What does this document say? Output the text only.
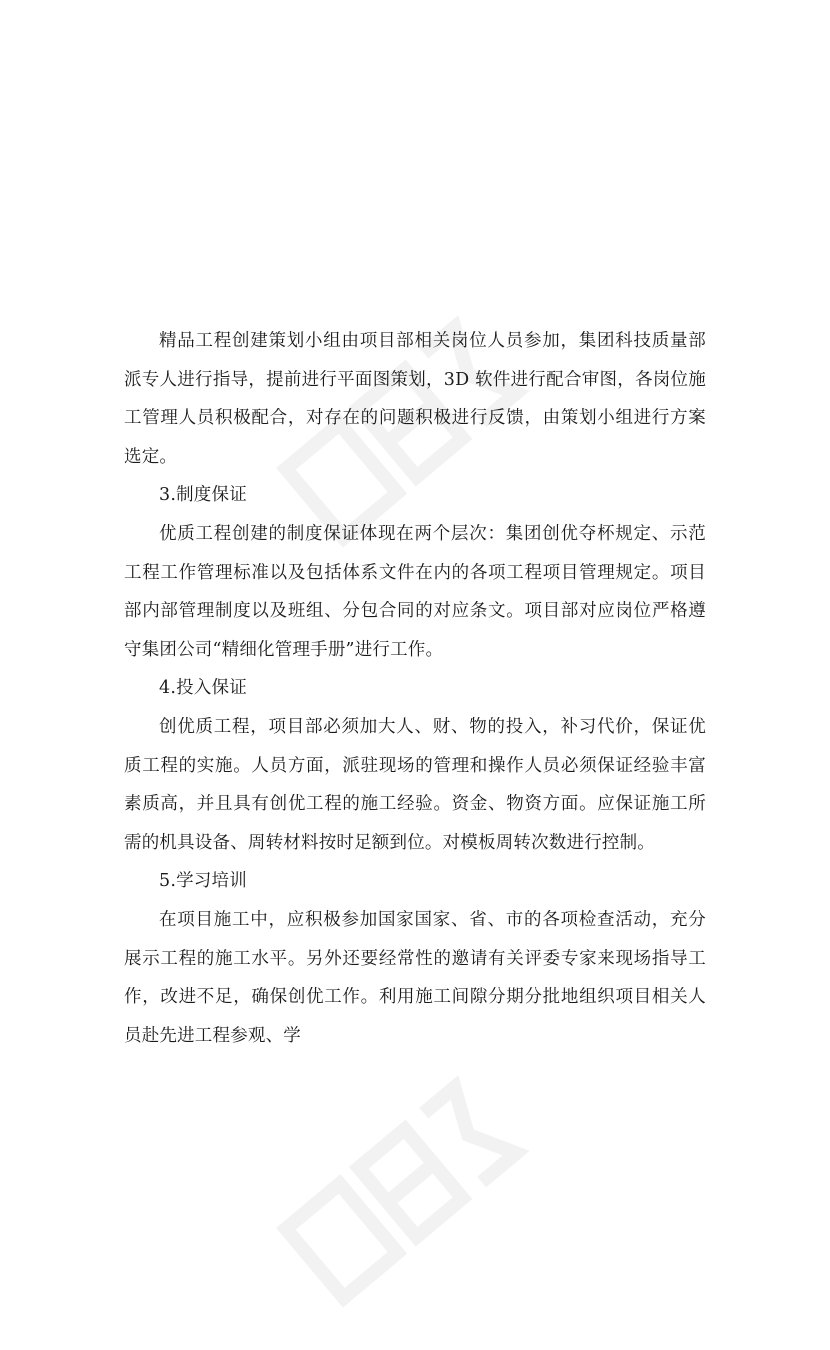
精品工程创建策划小组由项目部相关岗位人员参加，集团科技质量部派专人进行指导，提前进行平面图策划，3D 软件进行配合审图，各岗位施工管理人员积极配合，对存在的问题积极进行反馈，由策划小组进行方案选定。

3.制度保证

优质工程创建的制度保证体现在两个层次：集团创优夺杯规定、示范工程工作管理标准以及包括体系文件在内的各项工程项目管理规定。项目部内部管理制度以及班组、分包合同的对应条文。项目部对应岗位严格遵守集团公司“精细化管理手册”进行工作。

4.投入保证

创优质工程，项目部必须加大人、财、物的投入，补习代价，保证优质工程的实施。人员方面，派驻现场的管理和操作人员必须保证经验丰富素质高，并且具有创优工程的施工经验。资金、物资方面。应保证施工所需的机具设备、周转材料按时足额到位。对模板周转次数进行控制。

5.学习培训

在项目施工中，应积极参加国家国家、省、市的各项检查活动，充分展示工程的施工水平。另外还要经常性的邀请有关评委专家来现场指导工作，改进不足，确保创优工作。利用施工间隙分期分批地组织项目相关人员赴先进工程参观、学
